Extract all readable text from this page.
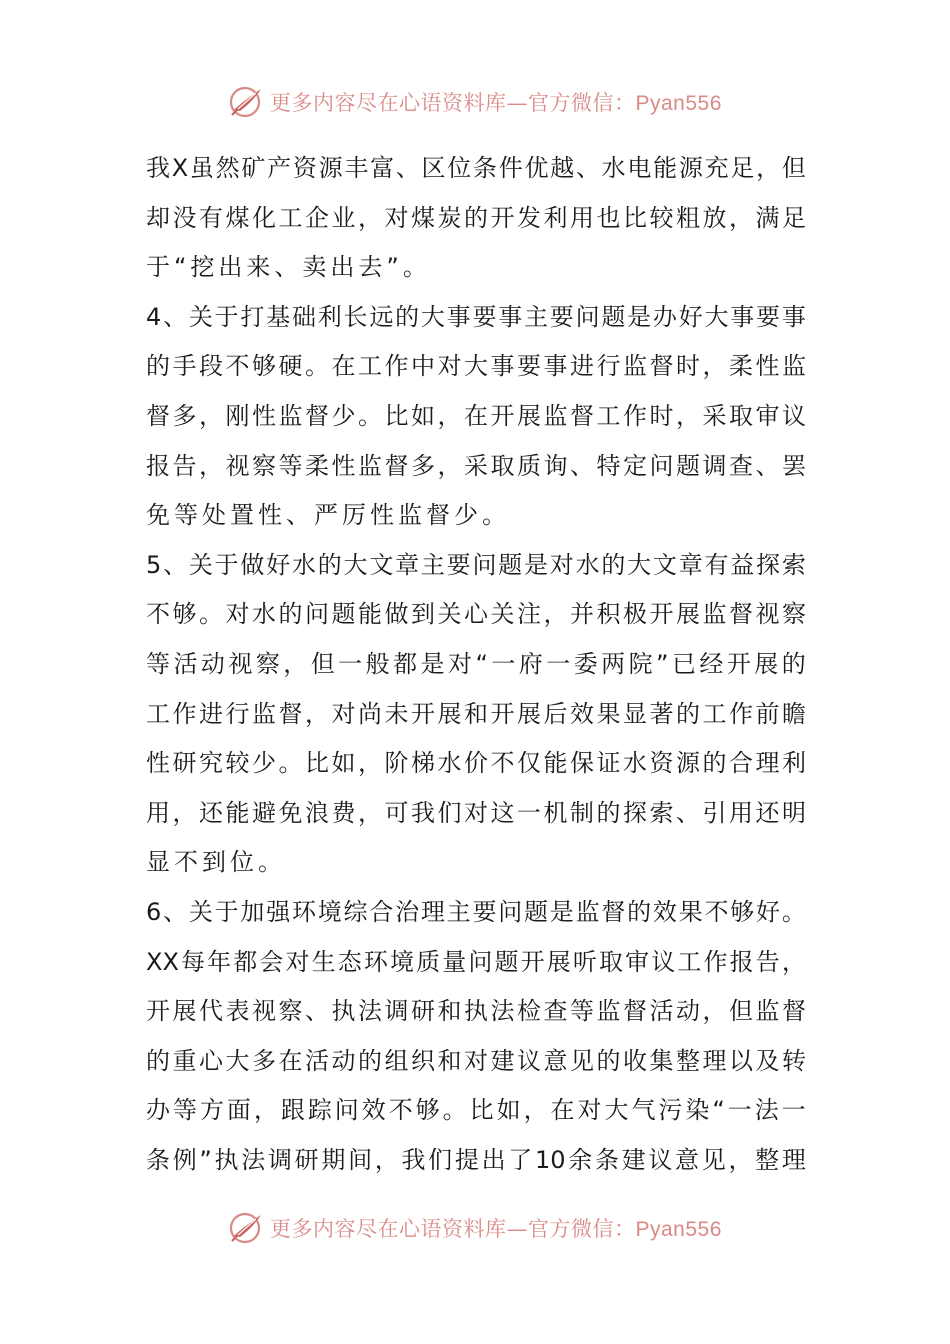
更多内容尽在心语资料库—官方微信：Pyan556
我 X 虽 然 矿 产 资 源 丰 富 、 区 位 条 件 优 越 、 水 电 能 源 充 足 ， 但
却 没 有 煤 化 工 企 业 ， 对 煤 炭 的 开 发 利 用 也 比 较 粗 放 ， 满 足
于“挖出来、卖出去”。
4 、 关 于 打 基 础 利 长 远 的 大 事 要 事 主 要 问 题 是 办 好 大 事 要 事
的 手 段 不 够 硬 。 在 工 作 中 对 大 事 要 事 进 行 监 督 时 ， 柔 性 监
督 多 ， 刚 性 监 督 少 。 比 如 ， 在 开 展 监 督 工 作 时 ， 采 取 审 议
报 告 ， 视 察 等 柔 性 监 督 多 ， 采 取 质 询 、 特 定 问 题 调 查 、 罢
免等处置性、严厉性监督少。
5 、 关 于 做 好 水 的 大 文 章 主 要 问 题 是 对 水 的 大 文 章 有 益 探 索
不 够 。 对 水 的 问 题 能 做 到 关 心 关 注 ， 并 积 极 开 展 监 督 视 察
等 活 动 视 察 ， 但 一 般 都 是 对 “ 一 府 一 委 两 院 ” 已 经 开 展 的
工 作 进 行 监 督 ， 对 尚 未 开 展 和 开 展 后 效 果 显 著 的 工 作 前 瞻
性 研 究 较 少 。 比 如 ， 阶 梯 水 价 不 仅 能 保 证 水 资 源 的 合 理 利
用 ， 还 能 避 免 浪 费 ， 可 我 们 对 这 一 机 制 的 探 索 、 引 用 还 明
显不到位。
6 、 关 于 加 强 环 境 综 合 治 理 主 要 问 题 是 监 督 的 效 果 不 够 好 。
XX 每 年 都 会 对 生 态 环 境 质 量 问 题 开 展 听 取 审 议 工 作 报 告 ，
开 展 代 表 视 察 、 执 法 调 研 和 执 法 检 查 等 监 督 活 动 ， 但 监 督
的 重 心 大 多 在 活 动 的 组 织 和 对 建 议 意 见 的 收 集 整 理 以 及 转
办 等 方 面 ， 跟 踪 问 效 不 够 。 比 如 ， 在 对 大 气 污 染 “ 一 法 一
条 例 ” 执 法 调 研 期 间 ， 我 们 提 出 了 10 余 条 建 议 意 见 ， 整 理
更多内容尽在心语资料库—官方微信：Pyan556
